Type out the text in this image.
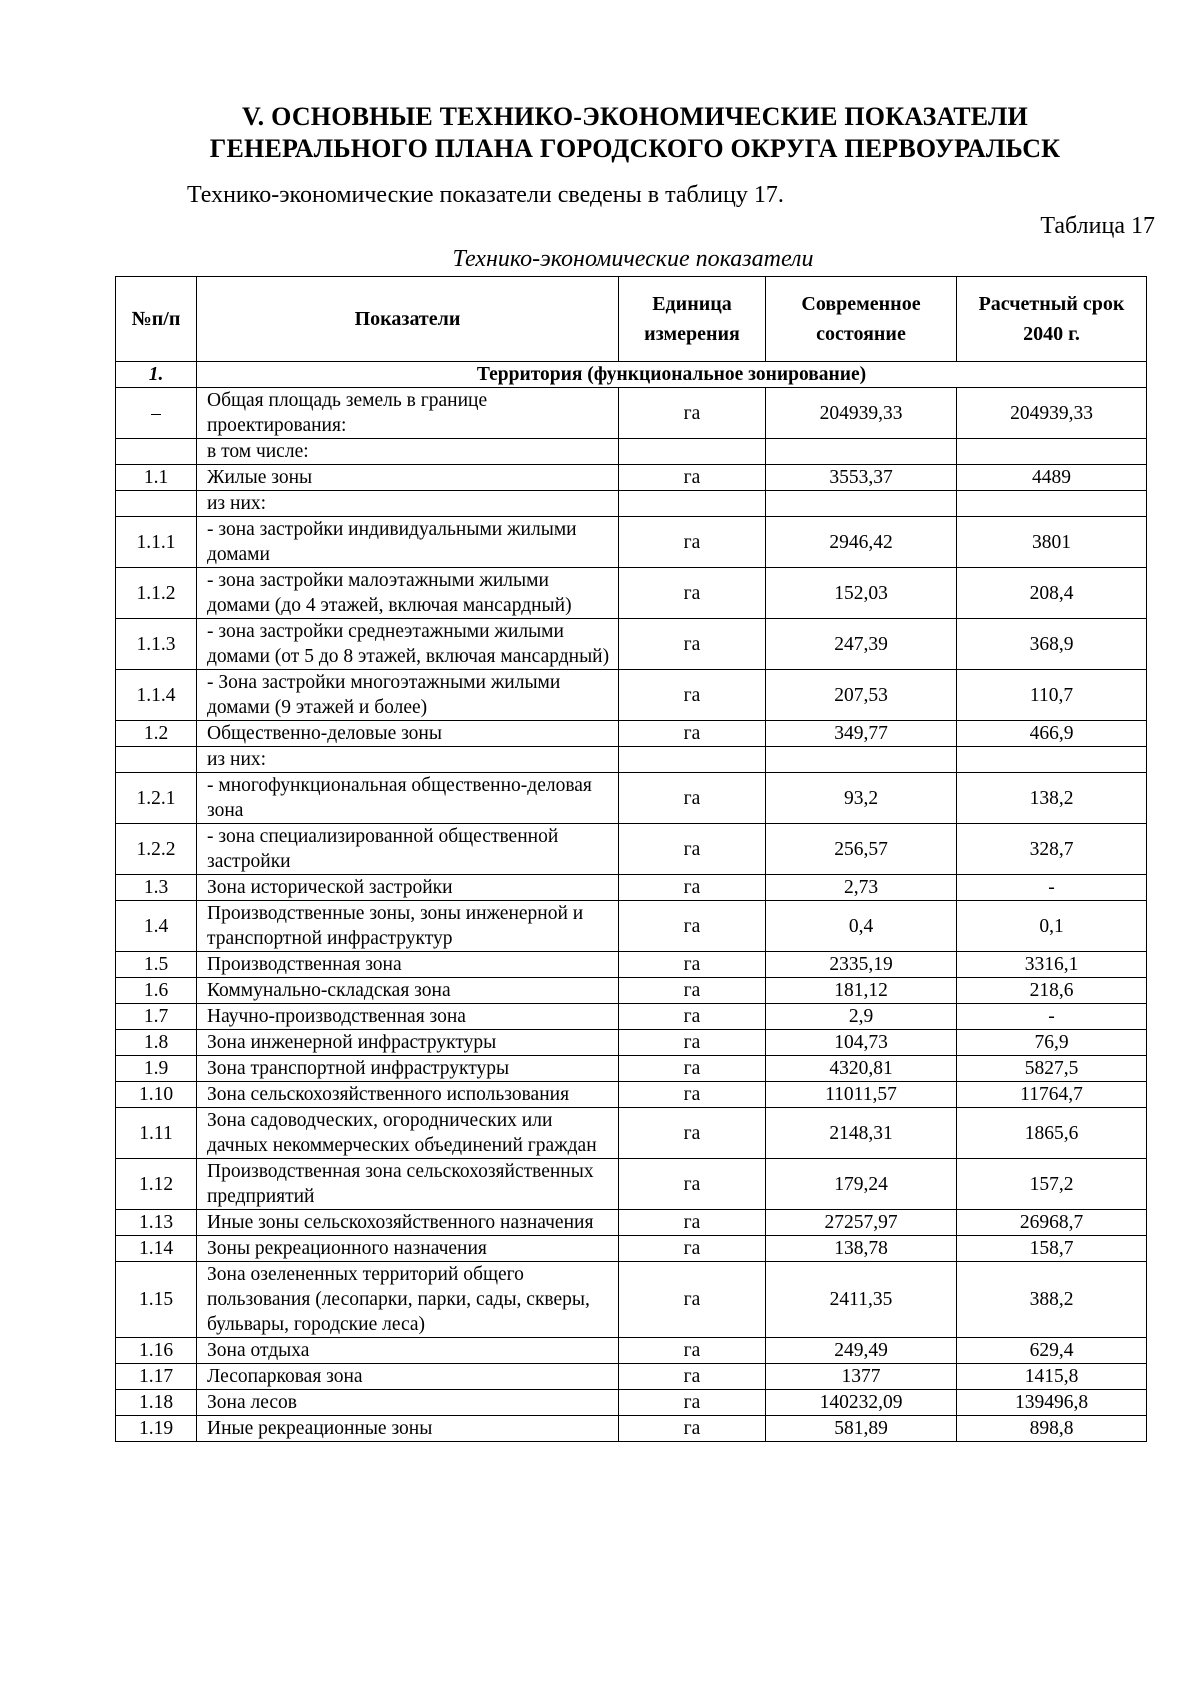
V. ОСНОВНЫЕ ТЕХНИКО-ЭКОНОМИЧЕСКИЕ ПОКАЗАТЕЛИ
ГЕНЕРАЛЬНОГО ПЛАНА ГОРОДСКОГО ОКРУГА ПЕРВОУРАЛЬСК
Технико-экономические показатели сведены в таблицу 17.
Таблица 17
Технико-экономические показатели
№п/п	Показатели	Единица измерения	Современное состояние	Расчетный срок 2040 г.
1.	Территория (функциональное зонирование)			
–	Общая площадь земель в границе проектирования:	га	204939,33	204939,33
	в том числе:			
1.1	Жилые зоны	га	3553,37	4489
	из них:			
1.1.1	- зона застройки индивидуальными жилыми домами	га	2946,42	3801
1.1.2	- зона застройки малоэтажными жилыми домами (до 4 этажей, включая мансардный)	га	152,03	208,4
1.1.3	- зона застройки среднеэтажными жилыми домами (от 5 до 8 этажей, включая мансардный)	га	247,39	368,9
1.1.4	- Зона застройки многоэтажными жилыми домами (9 этажей и более)	га	207,53	110,7
1.2	Общественно-деловые зоны	га	349,77	466,9
	из них:			
1.2.1	- многофункциональная общественно-деловая зона	га	93,2	138,2
1.2.2	- зона специализированной общественной застройки	га	256,57	328,7
1.3	Зона исторической застройки	га	2,73	-
1.4	Производственные зоны, зоны инженерной и транспортной инфраструктур	га	0,4	0,1
1.5	Производственная зона	га	2335,19	3316,1
1.6	Коммунально-складская зона	га	181,12	218,6
1.7	Научно-производственная зона	га	2,9	-
1.8	Зона инженерной инфраструктуры	га	104,73	76,9
1.9	Зона транспортной инфраструктуры	га	4320,81	5827,5
1.10	Зона сельскохозяйственного использования	га	11011,57	11764,7
1.11	Зона садоводческих, огороднических или дачных некоммерческих объединений граждан	га	2148,31	1865,6
1.12	Производственная зона сельскохозяйственных предприятий	га	179,24	157,2
1.13	Иные зоны сельскохозяйственного назначения	га	27257,97	26968,7
1.14	Зоны рекреационного назначения	га	138,78	158,7
1.15	Зона озелененных территорий общего пользования (лесопарки, парки, сады, скверы, бульвары, городские леса)	га	2411,35	388,2
1.16	Зона отдыха	га	249,49	629,4
1.17	Лесопарковая зона	га	1377	1415,8
1.18	Зона лесов	га	140232,09	139496,8
1.19	Иные рекреационные зоны	га	581,89	898,8
